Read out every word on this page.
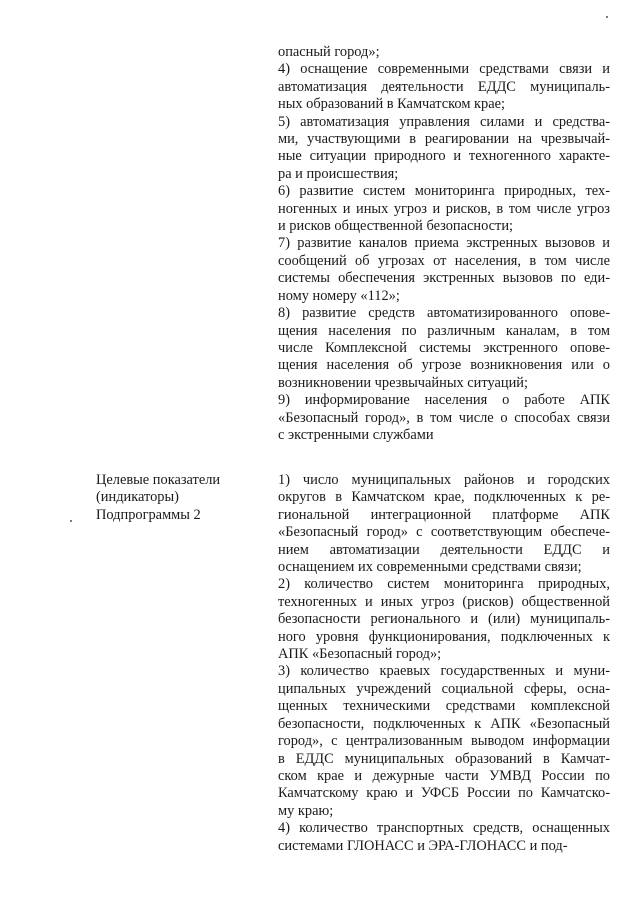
опасный город»;
4) оснащение современными средствами связи и
автоматизация деятельности ЕДДС муниципаль-
ных образований в Камчатском крае;
5) автоматизация управления силами и средства-
ми, участвующими в реагировании на чрезвычай-
ные ситуации природного и техногенного характе-
ра и происшествия;
6) развитие систем мониторинга природных, тех-
ногенных и иных угроз и рисков, в том числе угроз
и рисков общественной безопасности;
7) развитие каналов приема экстренных вызовов и
сообщений об угрозах от населения, в том числе
системы обеспечения экстренных вызовов по еди-
ному номеру «112»;
8) развитие средств автоматизированного опове-
щения населения по различным каналам, в том
числе Комплексной системы экстренного опове-
щения населения об угрозе возникновения или о
возникновении чрезвычайных ситуаций;
9) информирование населения о работе АПК
«Безопасный город», в том числе о способах связи
с экстренными службами
Целевые показатели
(индикаторы)
Подпрограммы 2
1) число муниципальных районов и городских
округов в Камчатском крае, подключенных к ре-
гиональной интеграционной платформе АПК
«Безопасный город» с соответствующим обеспече-
нием автоматизации деятельности ЕДДС и
оснащением их современными средствами связи;
2) количество систем мониторинга природных,
техногенных и иных угроз (рисков) общественной
безопасности регионального и (или) муниципаль-
ного уровня функционирования, подключенных к
АПК «Безопасный город»;
3) количество краевых государственных и муни-
ципальных учреждений социальной сферы, осна-
щенных техническими средствами комплексной
безопасности, подключенных к АПК «Безопасный
город», с централизованным выводом информации
в ЕДДС муниципальных образований в Камчат-
ском крае и дежурные части УМВД России по
Камчатскому краю и УФСБ России по Камчатско-
му краю;
4) количество транспортных средств, оснащенных
системами ГЛОНАСС и ЭРА-ГЛОНАСС и под-
